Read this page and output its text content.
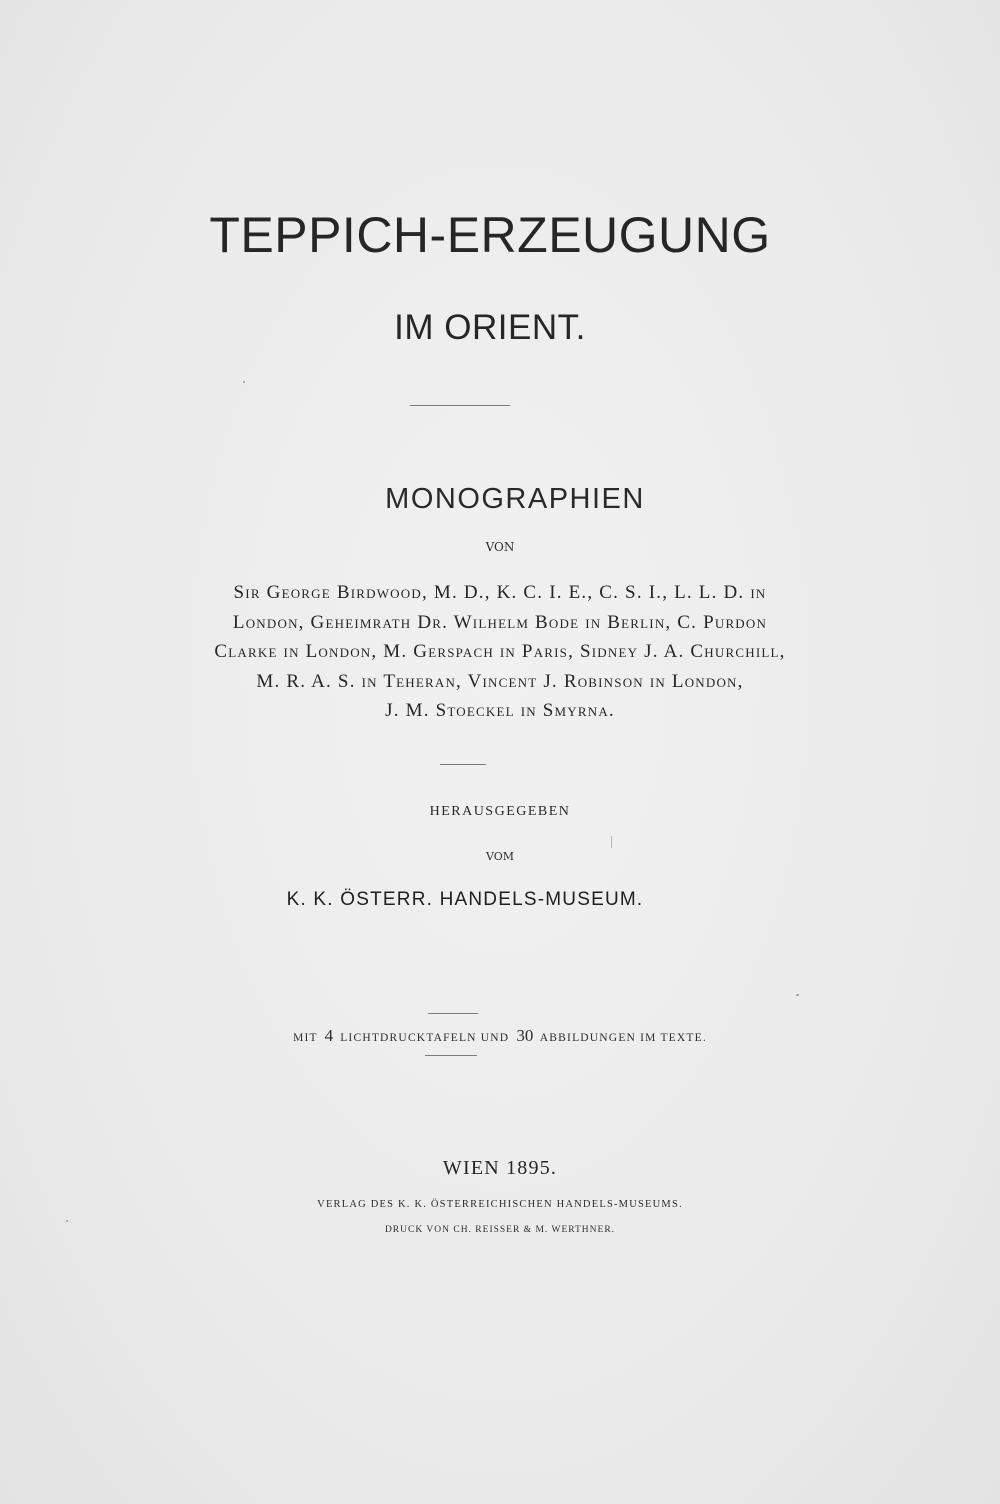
TEPPICH-ERZEUGUNG
IM ORIENT.
MONOGRAPHIEN
VON
Sir George Birdwood, M. D., K. C. I. E., C. S. I., L. L. D. in
London, Geheimrath Dr. Wilhelm Bode in Berlin, C. Purdon
Clarke in London, M. Gerspach in Paris, Sidney J. A. Churchill,
M. R. A. S. in Teheran, Vincent J. Robinson in London,
J. M. Stoeckel in Smyrna.
HERAUSGEGEBEN
VOM
K. K. ÖSTERR. HANDELS-MUSEUM.
MIT 4 LICHTDRUCKTAFELN UND 30 ABBILDUNGEN IM TEXTE.
WIEN 1895.
VERLAG DES K. K. ÖSTERREICHISCHEN HANDELS-MUSEUMS.
DRUCK VON CH. REISSER & M. WERTHNER.
